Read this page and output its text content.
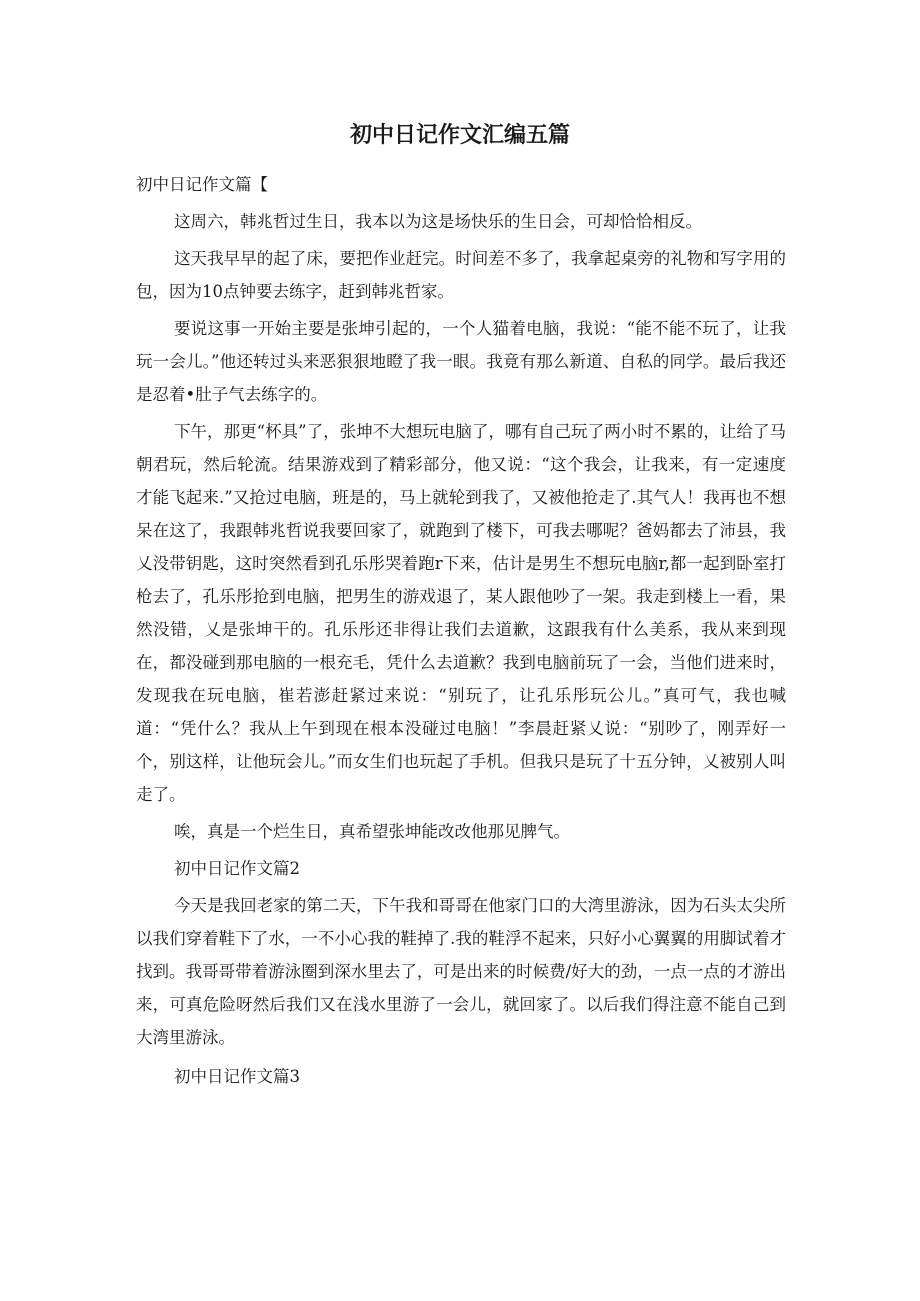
初中日记作文汇编五篇

初中日记作文篇【

这周六，韩兆哲过生日，我本以为这是场快乐的生日会，可却恰恰相反。

这天我早早的起了床，要把作业赶完。时间差不多了，我拿起桌旁的礼物和写字用的包，因为10点钟要去练字，赶到韩兆哲家。

要说这事一开始主要是张坤引起的，一个人猫着电脑，我说：“能不能不玩了，让我玩一会儿。”他还转过头来恶狠狠地瞪了我一眼。我竟有那么新道、自私的同学。最后我还是忍着•肚子气去练字的。

下午，那更“杯具”了，张坤不大想玩电脑了，哪有自己玩了两小时不累的，让给了马朝君玩，然后轮流。结果游戏到了精彩部分，他又说：“这个我会，让我来，有一定速度才能飞起来.”又抢过电脑，班是的，马上就轮到我了，又被他抢走了.其气人！我再也不想呆在这了，我跟韩兆哲说我要回家了，就跑到了楼下，可我去哪呢？爸妈都去了沛县，我乂没带钥匙，这时突然看到孔乐彤哭着跑r下来，估计是男生不想玩电脑r,都一起到卧室打枪去了，孔乐彤抢到电脑，把男生的游戏退了，某人跟他吵了一架。我走到楼上一看，果然没错，乂是张坤干的。孔乐彤还非得让我们去道歉，这跟我有什么美系，我从来到现在，都没碰到那电脑的一根充毛，凭什么去道歉？我到电脑前玩了一会，当他们进来时，发现我在玩电脑，崔若澎赶紧过来说：“别玩了，让孔乐彤玩公儿。”真可气，我也喊道：“凭什么？我从上午到现在根本没碰过电脑！”李晨赶紧乂说：“别吵了，刚弄好一个，别这样，让他玩会儿。”而女生们也玩起了手机。但我只是玩了十五分钟，乂被别人叫走了。

唉，真是一个烂生日，真希望张坤能改改他那见脾气。

初中日记作文篇2

今天是我回老家的第二天，下午我和哥哥在他家门口的大湾里游泳，因为石头太尖所以我们穿着鞋下了水，一不小心我的鞋掉了.我的鞋浮不起来，只好小心翼翼的用脚试着才找到。我哥哥带着游泳圈到深水里去了，可是出来的时候费/好大的劲，一点一点的才游出来，可真危险呀然后我们又在浅水里游了一会儿，就回家了。以后我们得注意不能自己到大湾里游泳。

初中日记作文篇3
